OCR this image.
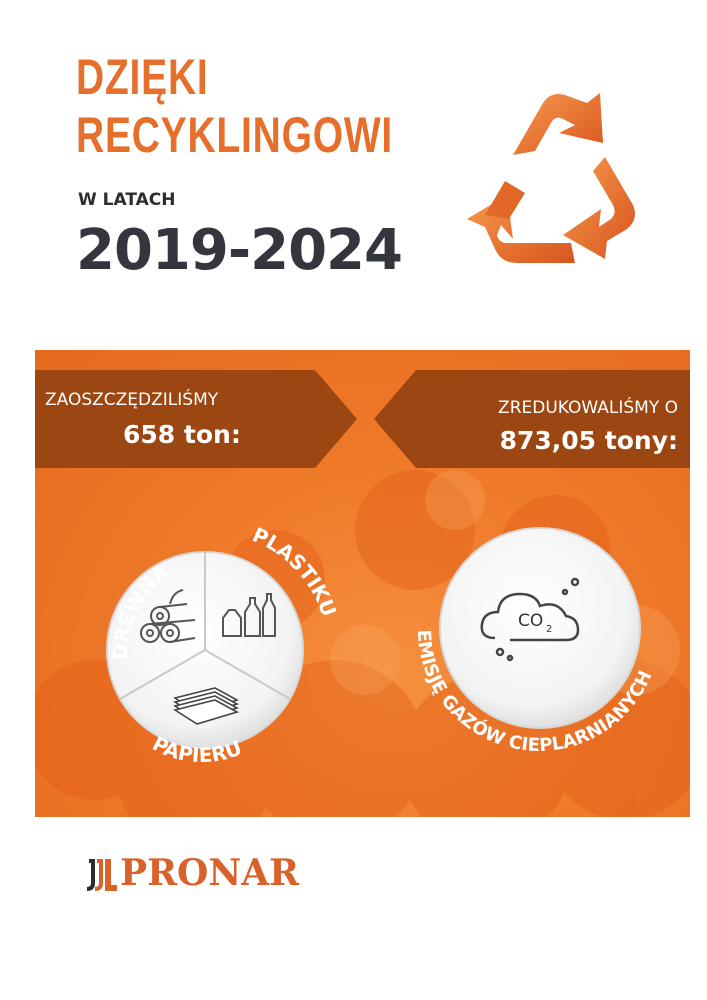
DZIĘKI
RECYKLINGOWI
W LATACH
2019-2024
ZAOSZCZĘDZILIŚMY
658 ton:
ZREDUKOWALIŚMY O
873,05 tony:
DREWNA
PLASTIKU
PAPIERU
CO 2
EMISJĘ GAZÓW CIEPLARNIANYCH
PRONAR
